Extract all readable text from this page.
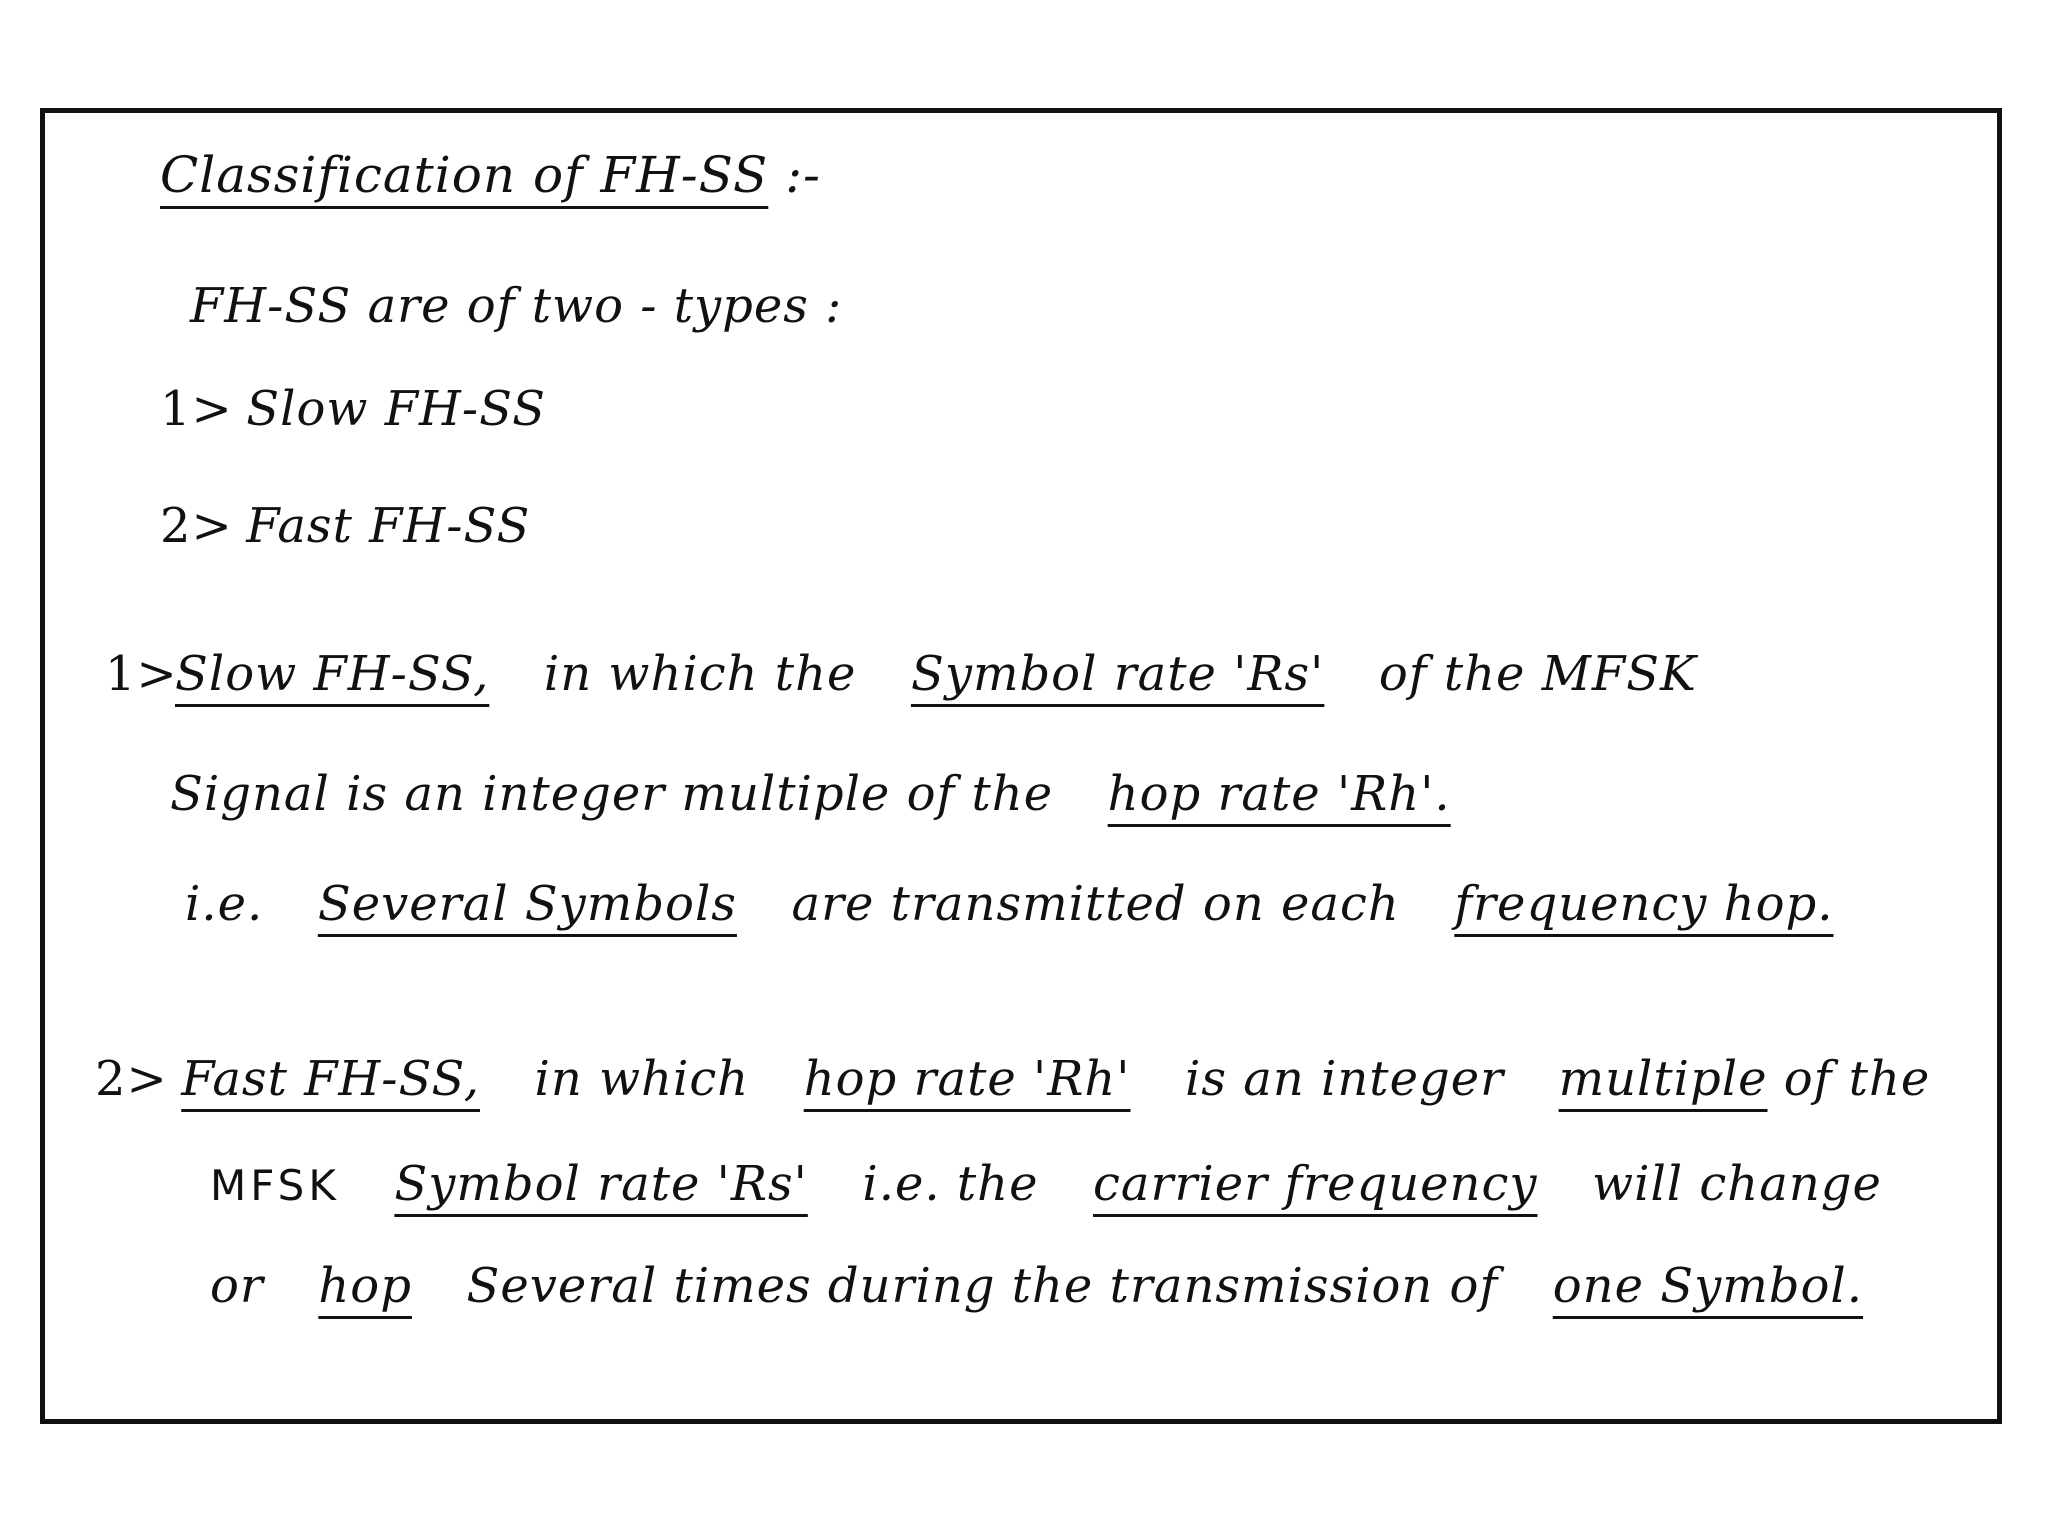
Classification of FH-SS :-
FH-SS are of two - types :
1> Slow FH-SS
2> Fast FH-SS
1>Slow FH-SS, in which the Symbol rate 'Rs' of the MFSK
Signal is an integer multiple of the hop rate 'Rh'.
i.e. Several Symbols are transmitted on each frequency hop.
2> Fast FH-SS, in which hop rate 'Rh' is an integer multiple of the
MFSK Symbol rate 'Rs' i.e. the carrier frequency will change
or hop Several times during the transmission of one Symbol.
